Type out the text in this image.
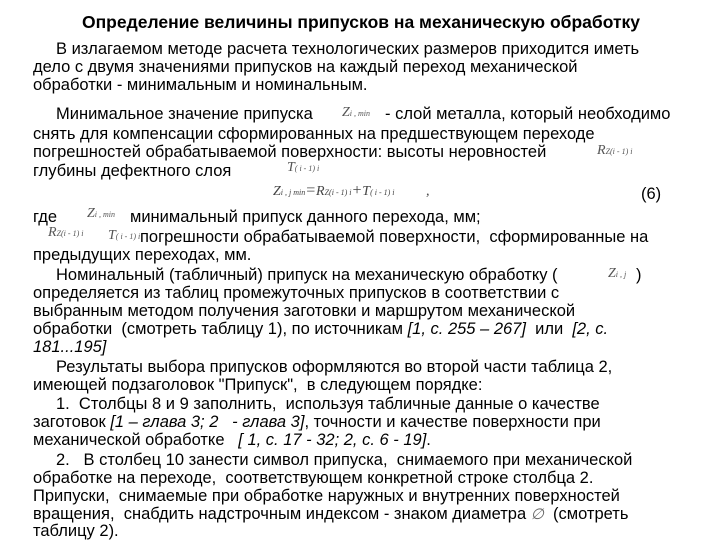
Определение величины припусков на механическую обработку
В излагаемом методе расчета технологических размеров приходится иметь
дело с двумя значениями припусков на каждый переход механической
обработки - минимальным и номинальным.
Минимальное значение припуска Zi , min - слой металла, который необходимо
снять для компенсации сформированных на предшествующем переходе
погрешностей обрабатываемой поверхности: высоты неровностей	RZ(i - 1) i
глубины дефектного слоя	T( i - 1) i
Zi , j min=RZ(i - 1) i+T( i - 1) i ,	(6)
где Zi , min минимальный припуск данного перехода, мм;
RZ(i - 1) i T( i - 1) i погрешности обрабатываемой поверхности,  сформированные на
предыдущих переходах, мм.
Номинальный (табличный) припуск на механическую обработку (	Zi , j )
определяется из таблиц промежуточных припусков в соответствии с
выбранным методом получения заготовки и маршрутом механической
обработки  (смотреть таблицу 1), по источникам [1, с. 255 – 267]  или  [2, с.
181...195]
Результаты выбора припусков оформляются во второй части таблица 2,
имеющей подзаголовок "Припуск",  в следующем порядке:
1.  Столбцы 8 и 9 заполнить,  используя табличные данные о качестве
заготовок [1 – глава 3; 2   - глава 3], точности и качестве поверхности при
механической обработке   [ 1, с. 17 - 32; 2, с. 6 - 19].
2.   В столбец 10 занести символ припуска,  снимаемого при механической
обработке на переходе,  соответствующем конкретной строке столбца 2.
Припуски,  снимаемые при обработке наружных и внутренних поверхностей
вращения,  снабдить надстрочным индексом - знаком диаметра ∅  (смотреть
таблицу 2).
